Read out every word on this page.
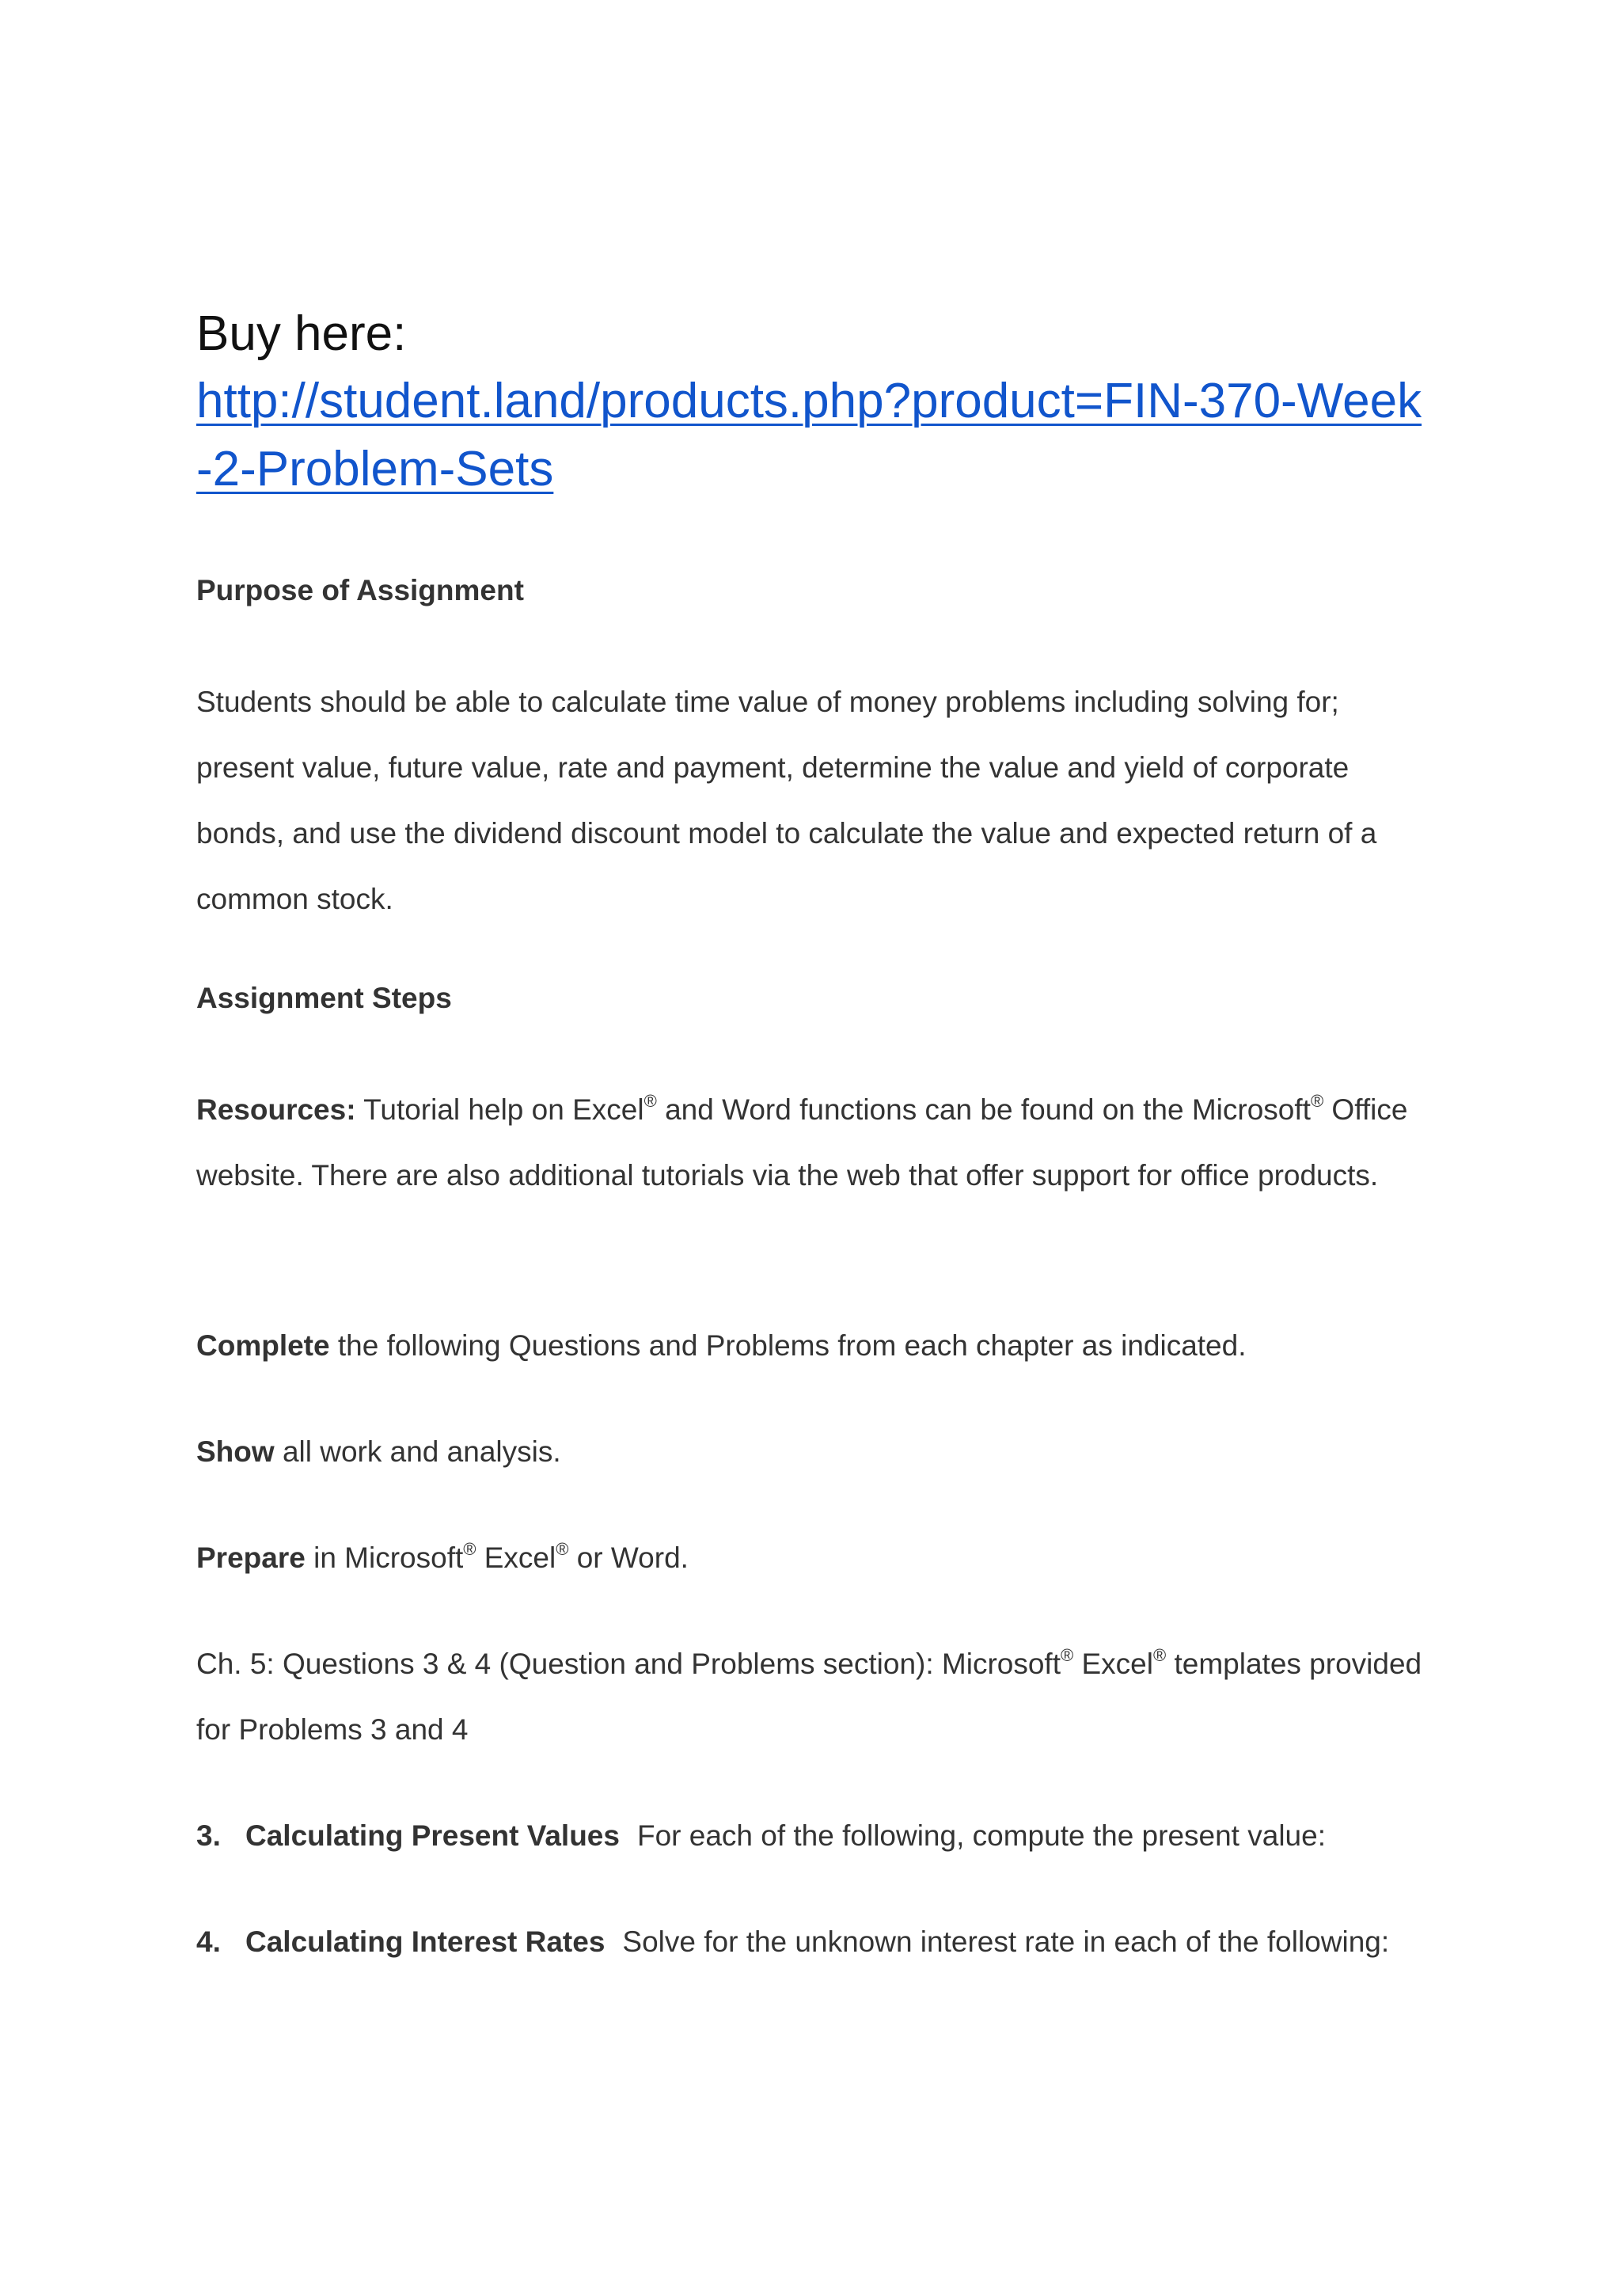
Buy here:

http://student.land/products.php?product=FIN-370-Week-2-Problem-Sets

Purpose of Assignment

Students should be able to calculate time value of money problems including solving for; present value, future value, rate and payment, determine the value and yield of corporate bonds, and use the dividend discount model to calculate the value and expected return of a common stock.

Assignment Steps

Resources: Tutorial help on Excel® and Word functions can be found on the Microsoft® Office website. There are also additional tutorials via the web that offer support for office products.

Complete the following Questions and Problems from each chapter as indicated.

Show all work and analysis.

Prepare in Microsoft® Excel® or Word.

Ch. 5: Questions 3 & 4 (Question and Problems section): Microsoft® Excel® templates provided for Problems 3 and 4

3. Calculating Present Values For each of the following, compute the present value:

4. Calculating Interest Rates Solve for the unknown interest rate in each of the following:
